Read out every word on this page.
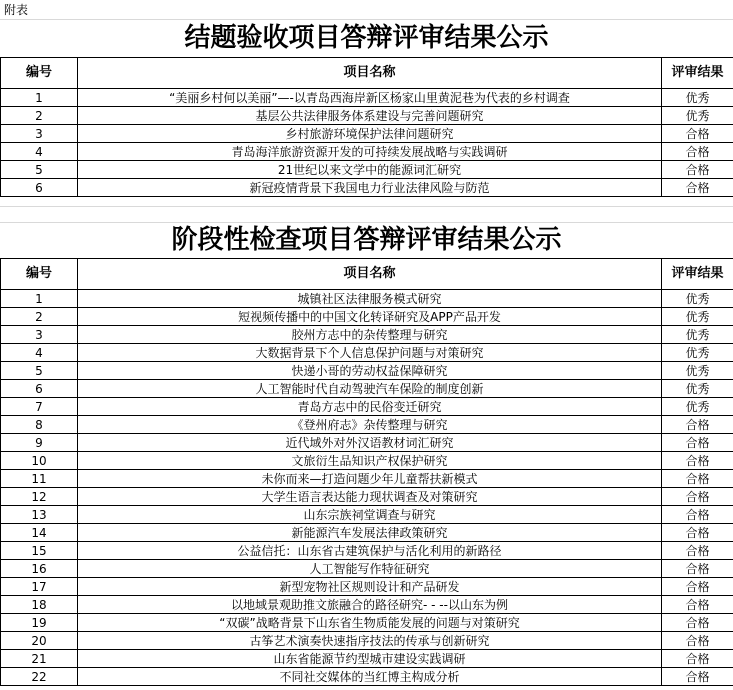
附表
结题验收项目答辩评审结果公示
编号	项目名称	评审结果
1	“美丽乡村何以美丽”—-以青岛西海岸新区杨家山里黄泥巷为代表的乡村调查	优秀
2	基层公共法律服务体系建设与完善问题研究	优秀
3	乡村旅游环境保护法律问题研究	合格
4	青岛海洋旅游资源开发的可持续发展战略与实践调研	合格
5	21世纪以来文学中的能源词汇研究	合格
6	新冠疫情背景下我国电力行业法律风险与防范	合格
阶段性检查项目答辩评审结果公示
编号	项目名称	评审结果
1	城镇社区法律服务模式研究	优秀
2	短视频传播中的中国文化转译研究及APP产品开发	优秀
3	胶州方志中的杂传整理与研究	优秀
4	大数据背景下个人信息保护问题与对策研究	优秀
5	快递小哥的劳动权益保障研究	优秀
6	人工智能时代自动驾驶汽车保险的制度创新	优秀
7	青岛方志中的民俗变迁研究	优秀
8	《登州府志》杂传整理与研究	合格
9	近代域外对外汉语教材词汇研究	合格
10	文旅衍生品知识产权保护研究	合格
11	未你而来—打造问题少年儿童帮扶新模式	合格
12	大学生语言表达能力现状调查及对策研究	合格
13	山东宗族祠堂调查与研究	合格
14	新能源汽车发展法律政策研究	合格
15	公益信托：山东省古建筑保护与活化利用的新路径	合格
16	人工智能写作特征研究	合格
17	新型宠物社区规则设计和产品研发	合格
18	以地域景观助推文旅融合的路径研究- - --以山东为例	合格
19	“双碳”战略背景下山东省生物质能发展的问题与对策研究	合格
20	古筝艺术演奏快速指序技法的传承与创新研究	合格
21	山东省能源节约型城市建设实践调研	合格
22	不同社交媒体的当红博主构成分析	合格
